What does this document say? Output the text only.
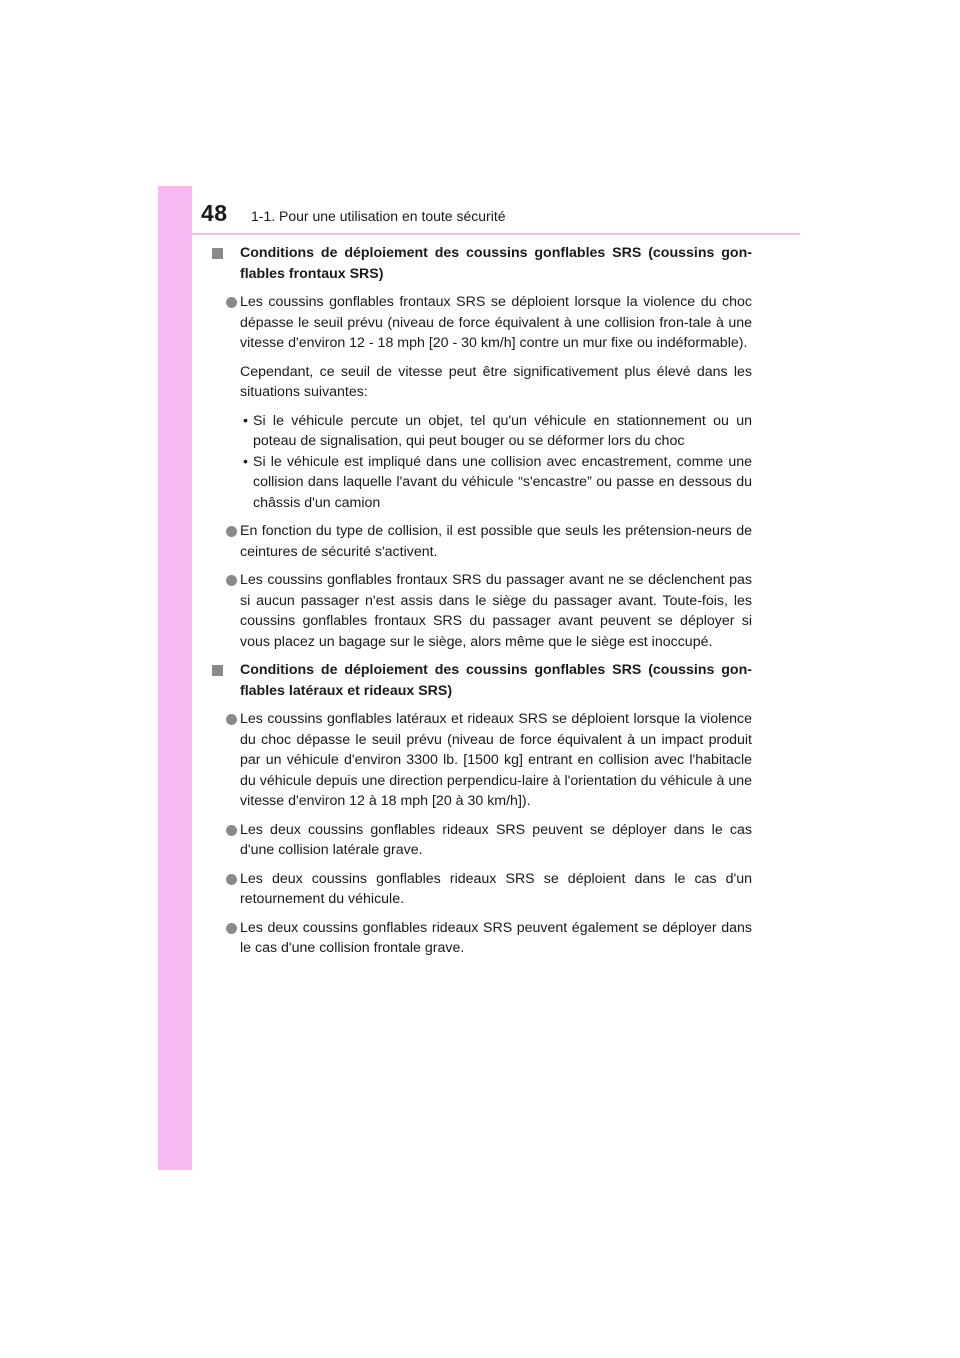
48 1-1. Pour une utilisation en toute sécurité
Conditions de déploiement des coussins gonflables SRS (coussins gon-flables frontaux SRS)
Les coussins gonflables frontaux SRS se déploient lorsque la violence du choc dépasse le seuil prévu (niveau de force équivalent à une collision fron-tale à une vitesse d'environ 12 - 18 mph [20 - 30 km/h] contre un mur fixe ou indéformable).
Cependant, ce seuil de vitesse peut être significativement plus élevé dans les situations suivantes:
• Si le véhicule percute un objet, tel qu'un véhicule en stationnement ou un poteau de signalisation, qui peut bouger ou se déformer lors du choc
• Si le véhicule est impliqué dans une collision avec encastrement, comme une collision dans laquelle l'avant du véhicule “s'encastre” ou passe en dessous du châssis d'un camion
En fonction du type de collision, il est possible que seuls les prétension-neurs de ceintures de sécurité s'activent.
Les coussins gonflables frontaux SRS du passager avant ne se déclenchent pas si aucun passager n'est assis dans le siège du passager avant. Toute-fois, les coussins gonflables frontaux SRS du passager avant peuvent se déployer si vous placez un bagage sur le siège, alors même que le siège est inoccupé.
Conditions de déploiement des coussins gonflables SRS (coussins gon-flables latéraux et rideaux SRS)
Les coussins gonflables latéraux et rideaux SRS se déploient lorsque la violence du choc dépasse le seuil prévu (niveau de force équivalent à un impact produit par un véhicule d'environ 3300 lb. [1500 kg] entrant en collision avec l'habitacle du véhicule depuis une direction perpendicu-laire à l'orientation du véhicule à une vitesse d'environ 12 à 18 mph [20 à 30 km/h]).
Les deux coussins gonflables rideaux SRS peuvent se déployer dans le cas d'une collision latérale grave.
Les deux coussins gonflables rideaux SRS se déploient dans le cas d'un retournement du véhicule.
Les deux coussins gonflables rideaux SRS peuvent également se déployer dans le cas d'une collision frontale grave.
